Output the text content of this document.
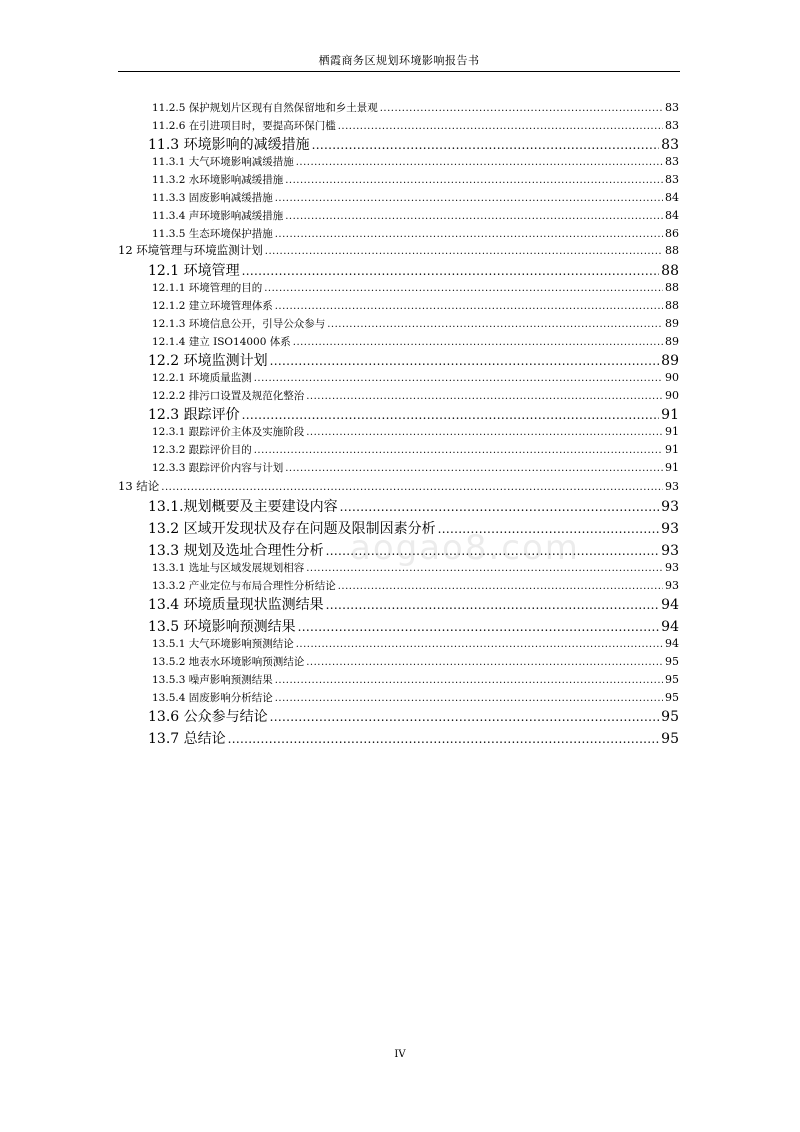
栖霞商务区规划环境影响报告书
11.2.5 保护规划片区现有自然保留地和乡土景观 .....	83
11.2.6 在引进项目时，要提高环保门槛 .....	83
11.3 环境影响的减缓措施 .....	83
11.3.1 大气环境影响减缓措施 .....	83
11.3.2 水环境影响减缓措施 .....	83
11.3.3 固废影响减缓措施 .....	84
11.3.4 声环境影响减缓措施 .....	84
11.3.5 生态环境保护措施 .....	86
12 环境管理与环境监测计划 .....	88
12.1 环境管理 .....	88
12.1.1 环境管理的目的 .....	88
12.1.2 建立环境管理体系 .....	88
12.1.3 环境信息公开，引导公众参与 .....	89
12.1.4 建立 ISO14000 体系 .....	89
12.2 环境监测计划 .....	89
12.2.1 环境质量监测 .....	90
12.2.2 排污口设置及规范化整治 .....	90
12.3 跟踪评价 .....	91
12.3.1 跟踪评价主体及实施阶段 .....	91
12.3.2 跟踪评价目的 .....	91
12.3.3 跟踪评价内容与计划 .....	91
13 结论 .....	93
13.1.规划概要及主要建设内容 .....	93
13.2 区域开发现状及存在问题及限制因素分析 .....	93
13.3 规划及选址合理性分析 .....	93
13.3.1 选址与区域发展规划相容 .....	93
13.3.2 产业定位与布局合理性分析结论 .....	93
13.4 环境质量现状监测结果 .....	94
13.5 环境影响预测结果 .....	94
13.5.1 大气环境影响预测结论 .....	94
13.5.2 地表水环境影响预测结论 .....	95
13.5.3 噪声影响预测结果 .....	95
13.5.4 固废影响分析结论 .....	95
13.6 公众参与结论 .....	95
13.7 总结论 .....	95
aogao8.com
IV
